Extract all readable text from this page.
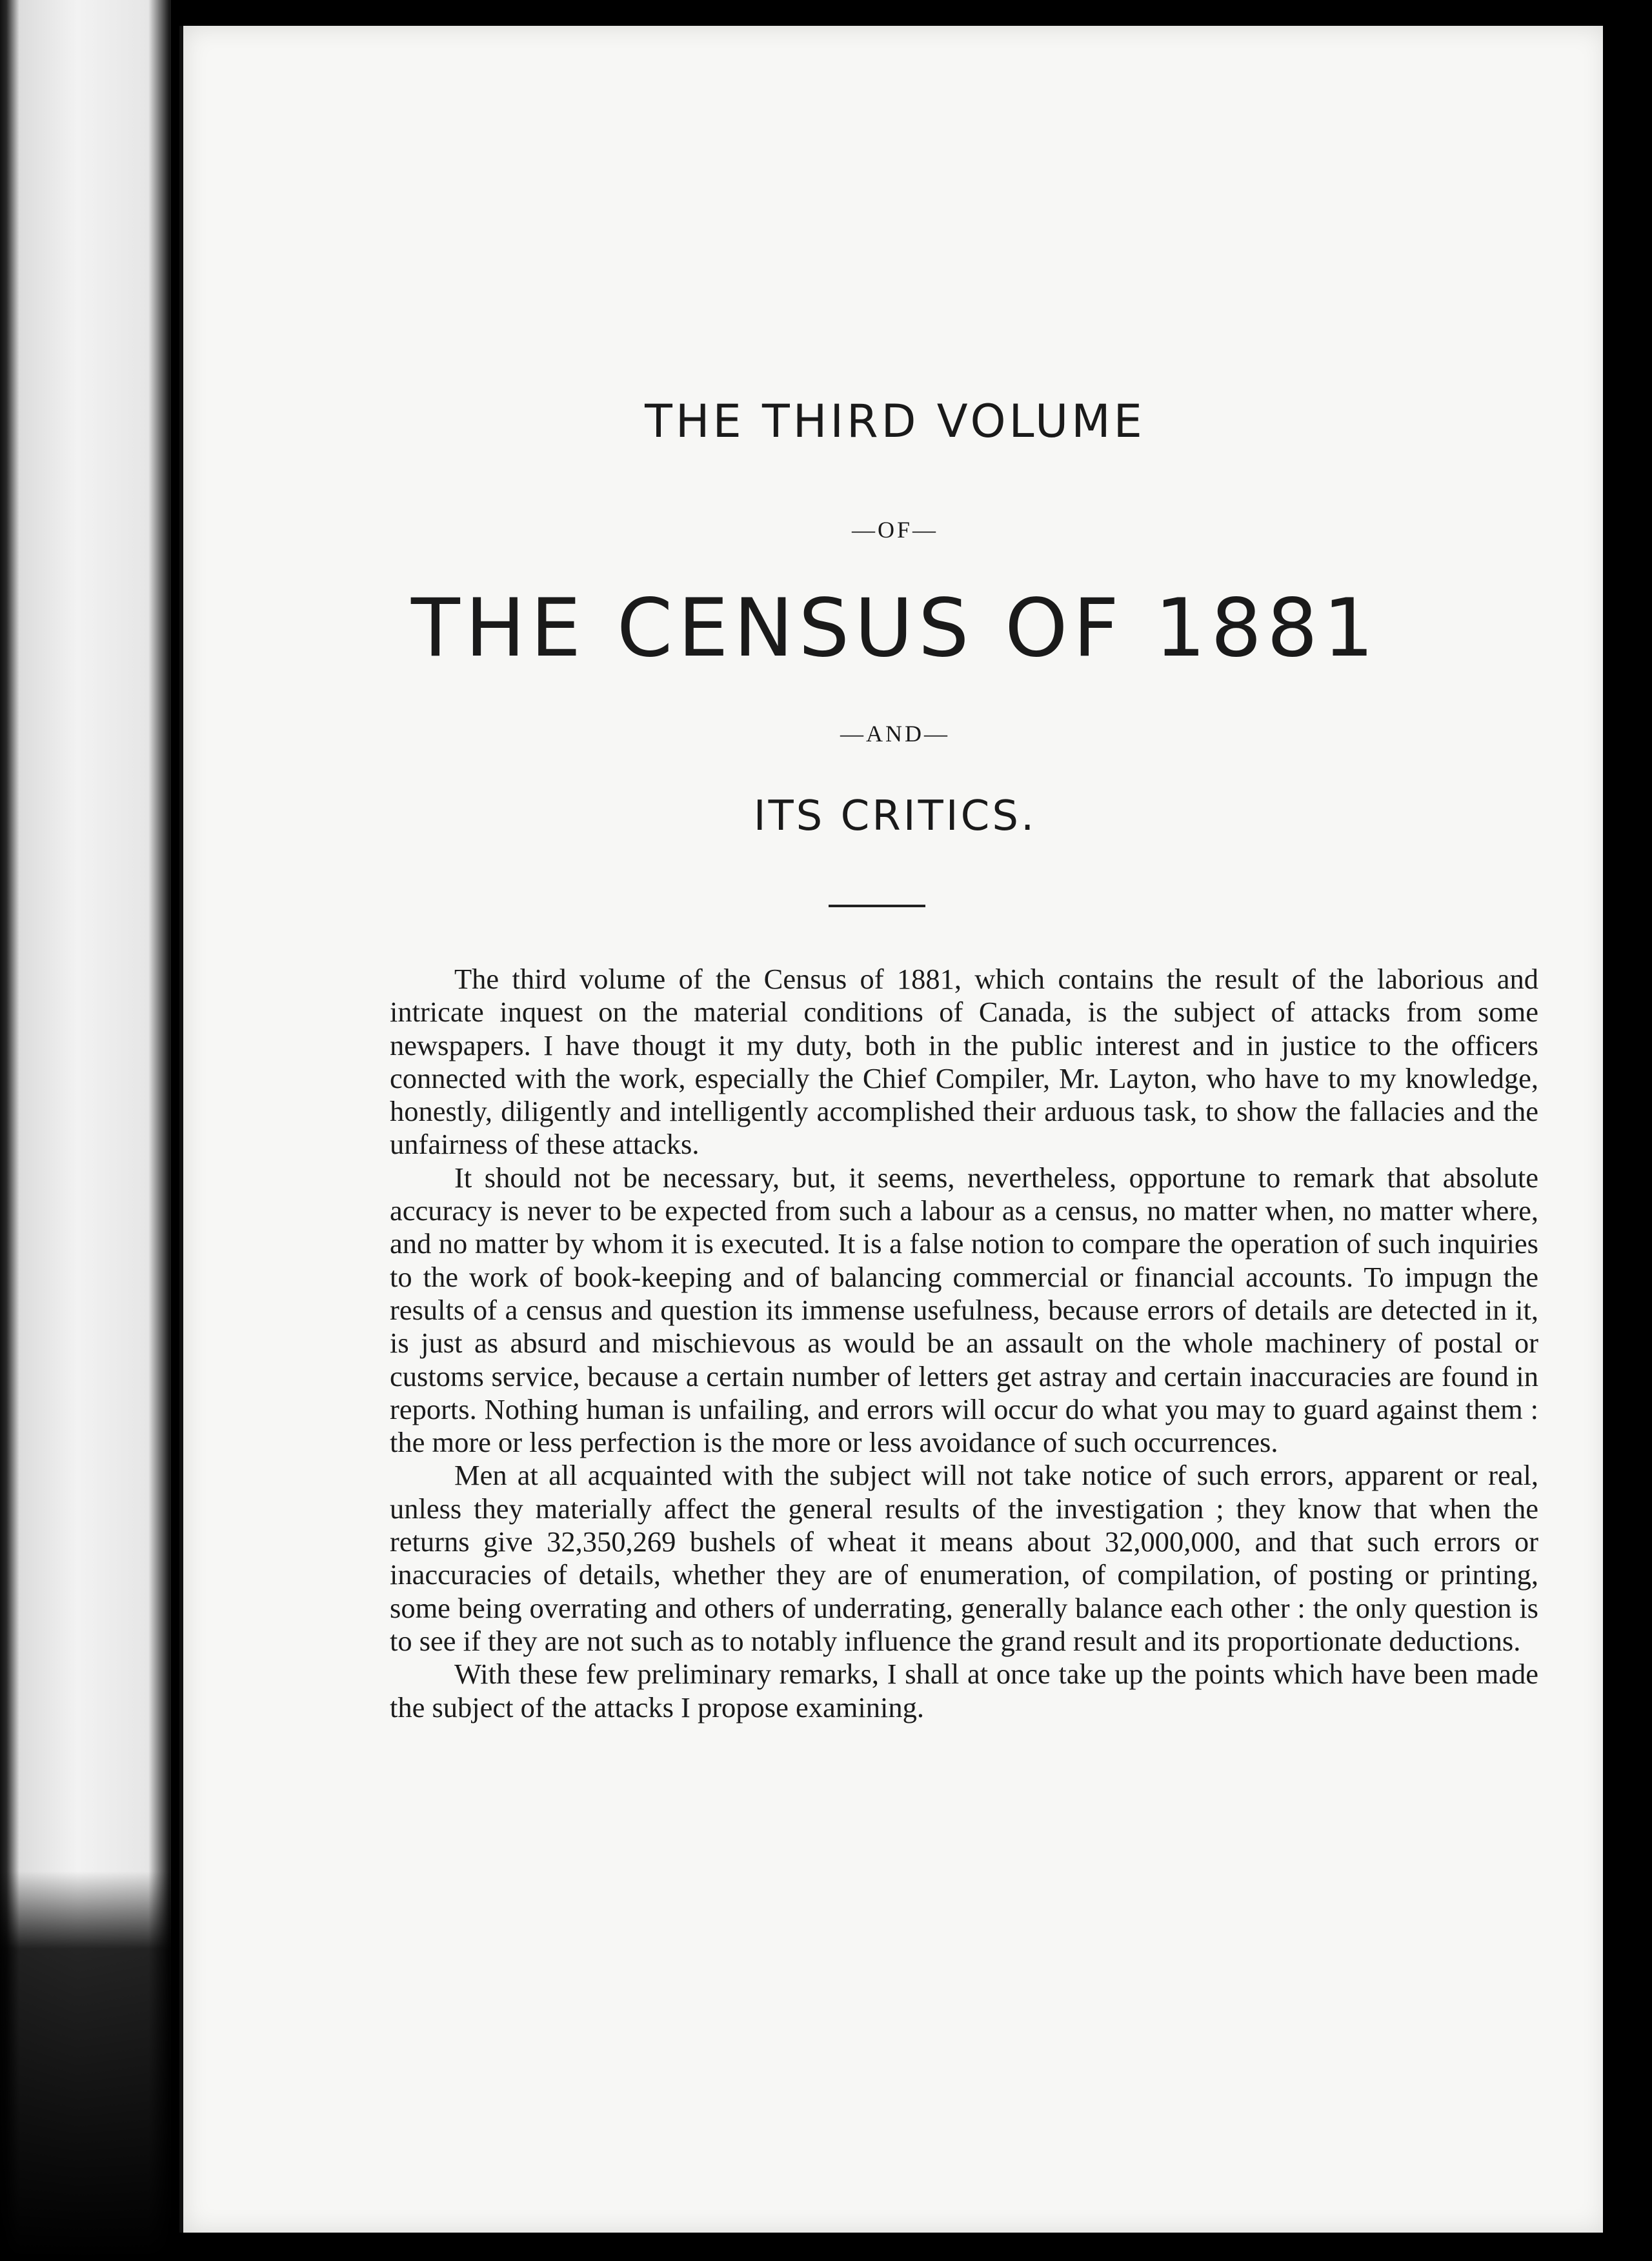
THE THIRD VOLUME
—OF—
THE CENSUS OF 1881
—AND—
ITS CRITICS.

The third volume of the Census of 1881, which contains the result of the laborious and intricate inquest on the material conditions of Canada, is the subject of attacks from some newspapers. I have thougt it my duty, both in the public interest and in justice to the officers connected with the work, especially the Chief Compiler, Mr. Layton, who have to my knowledge, honestly, diligently and intelligently accomplished their arduous task, to show the fallacies and the unfairness of these attacks.

It should not be necessary, but, it seems, nevertheless, opportune to remark that absolute accuracy is never to be expected from such a labour as a census, no matter when, no matter where, and no matter by whom it is executed. It is a false notion to compare the operation of such inquiries to the work of book-keeping and of balancing commercial or financial accounts. To impugn the results of a census and question its immense usefulness, because errors of details are detected in it, is just as absurd and mischievous as would be an assault on the whole machinery of postal or customs service, because a certain number of letters get astray and certain inaccuracies are found in reports. Nothing human is unfailing, and errors will occur do what you may to guard against them : the more or less perfection is the more or less avoidance of such occurrences.

Men at all acquainted with the subject will not take notice of such errors, apparent or real, unless they materially affect the general results of the investigation ; they know that when the returns give 32,350,269 bushels of wheat it means about 32,000,000, and that such errors or inaccuracies of details, whether they are of enumeration, of compilation, of posting or printing, some being overrating and others of underrating, generally balance each other : the only question is to see if they are not such as to notably influence the grand result and its proportionate deductions.

With these few preliminary remarks, I shall at once take up the points which have been made the subject of the attacks I propose examining.
